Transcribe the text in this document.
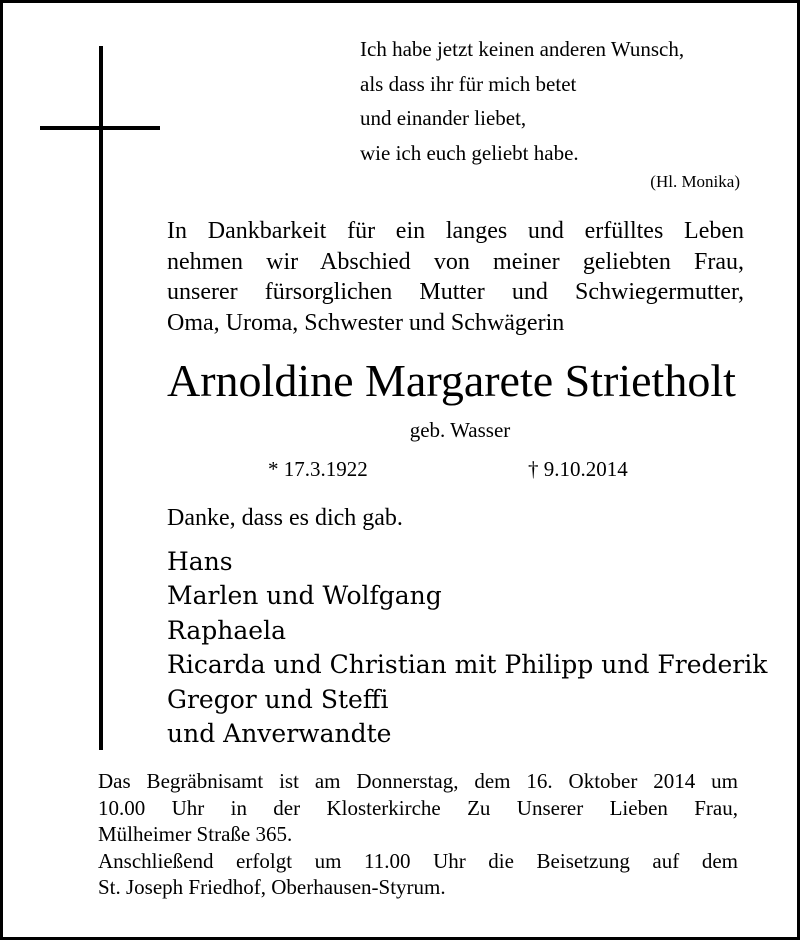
Ich habe jetzt keinen anderen Wunsch,
als dass ihr für mich betet
und einander liebet,
wie ich euch geliebt habe.
(Hl. Monika)
In Dankbarkeit für ein langes und erfülltes Leben
nehmen wir Abschied von meiner geliebten Frau,
unserer fürsorglichen Mutter und Schwiegermutter,
Oma, Uroma, Schwester und Schwägerin
Arnoldine Margarete Strietholt
geb. Wasser
* 17.3.1922	† 9.10.2014
Danke, dass es dich gab.
Hans
Marlen und Wolfgang
Raphaela
Ricarda und Christian mit Philipp und Frederik
Gregor und Steffi
und Anverwandte
Das Begräbnisamt ist am Donnerstag, dem 16. Oktober 2014 um
10.00 Uhr in der Klosterkirche Zu Unserer Lieben Frau,
Mülheimer Straße 365.
Anschließend erfolgt um 11.00 Uhr die Beisetzung auf dem
St. Joseph Friedhof, Oberhausen-Styrum.
